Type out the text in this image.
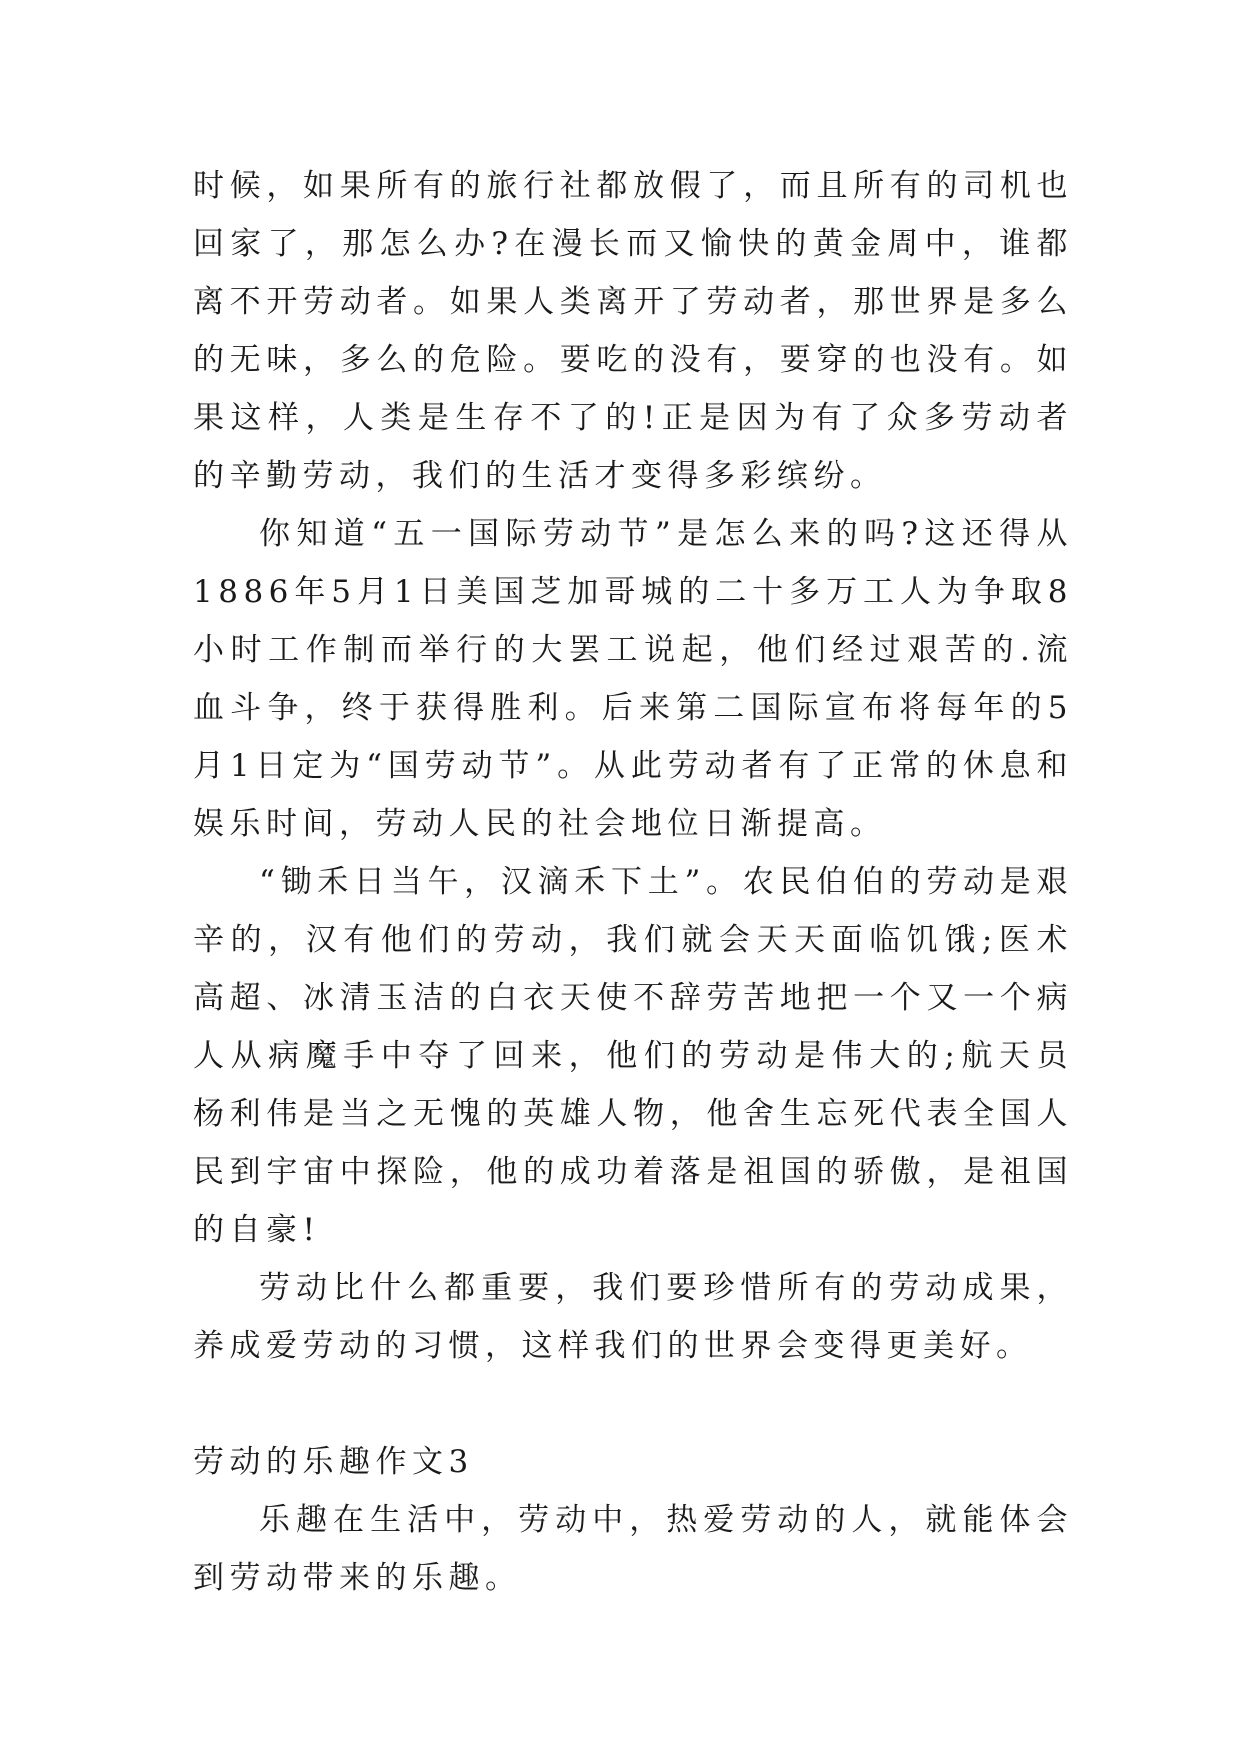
时候，如果所有的旅行社都放假了，而且所有的司机也回家了，那怎么办?在漫长而又愉快的黄金周中，谁都离不开劳动者。如果人类离开了劳动者，那世界是多么的无味，多么的危险。要吃的没有，要穿的也没有。如果这样，人类是生存不了的!正是因为有了众多劳动者的辛勤劳动，我们的生活才变得多彩缤纷。

你知道“五一国际劳动节”是怎么来的吗?这还得从1886年5月1日美国芝加哥城的二十多万工人为争取8小时工作制而举行的大罢工说起，他们经过艰苦的.流血斗争，终于获得胜利。后来第二国际宣布将每年的5月1日定为“国劳动节”。从此劳动者有了正常的休息和娱乐时间，劳动人民的社会地位日渐提高。

“锄禾日当午，汉滴禾下土”。农民伯伯的劳动是艰辛的，汉有他们的劳动，我们就会天天面临饥饿;医术高超、冰清玉洁的白衣天使不辞劳苦地把一个又一个病人从病魔手中夺了回来，他们的劳动是伟大的;航天员杨利伟是当之无愧的英雄人物，他舍生忘死代表全国人民到宇宙中探险，他的成功着落是祖国的骄傲，是祖国的自豪!

劳动比什么都重要，我们要珍惜所有的劳动成果，养成爱劳动的习惯，这样我们的世界会变得更美好。

劳动的乐趣作文3

乐趣在生活中，劳动中，热爱劳动的人，就能体会到劳动带来的乐趣。
